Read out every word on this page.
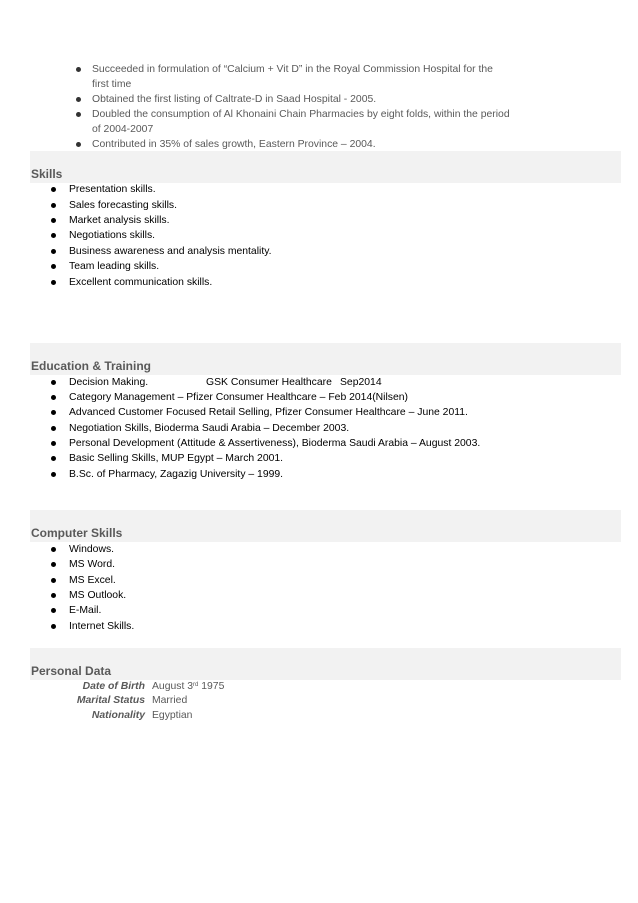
Succeeded in formulation of “Calcium + Vit D” in the Royal Commission Hospital for the
first time
Obtained the first listing of Caltrate-D in Saad Hospital - 2005.
Doubled the consumption of Al Khonaini Chain Pharmacies by eight folds, within the period
of 2004-2007
Contributed in 35% of sales growth, Eastern Province – 2004.
Skills
Presentation skills.
Sales forecasting skills.
Market analysis skills.
Negotiations skills.
Business awareness and analysis mentality.
Team leading skills.
Excellent communication skills.
Education & Training
Decision Making.	GSK Consumer Healthcare Sep2014
Category Management – Pfizer Consumer Healthcare – Feb 2014(Nilsen)
Advanced Customer Focused Retail Selling, Pfizer Consumer Healthcare – June 2011.
Negotiation Skills, Bioderma Saudi Arabia – December 2003.
Personal Development (Attitude & Assertiveness), Bioderma Saudi Arabia – August 2003.
Basic Selling Skills, MUP Egypt – March 2001.
B.Sc. of Pharmacy, Zagazig University – 1999.
Computer Skills
Windows.
MS Word.
MS Excel.
MS Outlook.
E-Mail.
Internet Skills.
Personal Data
Date of Birth August 3rd 1975
Marital Status Married
Nationality Egyptian
